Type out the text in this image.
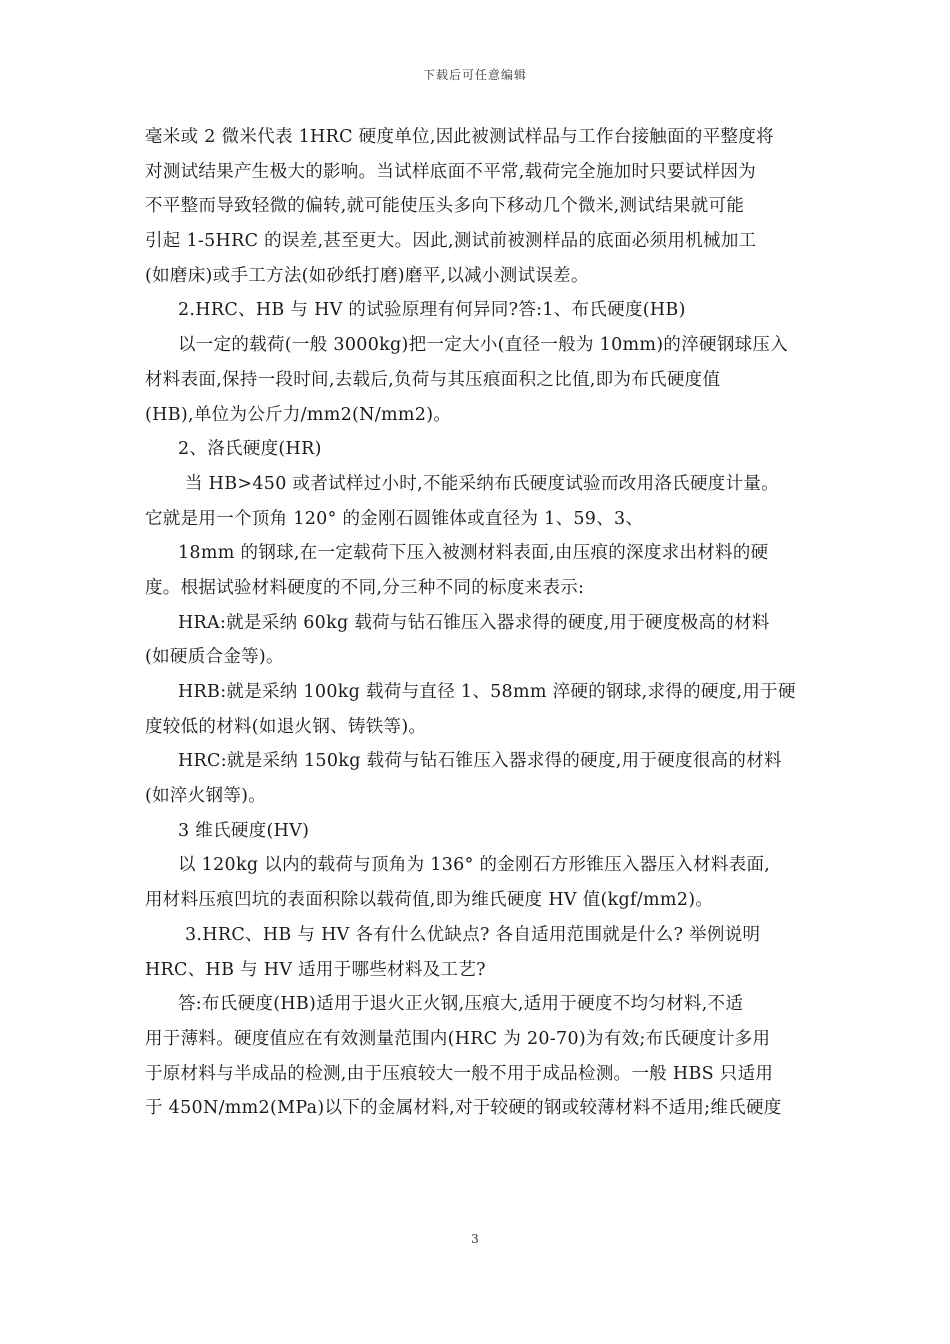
下载后可任意编辑
毫米或 2 微米代表 1HRC 硬度单位,因此被测试样品与工作台接触面的平整度将
对测试结果产生极大的影响。当试样底面不平常,载荷完全施加时只要试样因为
不平整而导致轻微的偏转,就可能使压头多向下移动几个微米,测试结果就可能
引起 1-5HRC 的误差,甚至更大。因此,测试前被测样品的底面必须用机械加工
(如磨床)或手工方法(如砂纸打磨)磨平,以减小测试误差。
2.HRC、HB 与 HV 的试验原理有何异同?答:1、布氏硬度(HB)
以一定的载荷(一般 3000kg)把一定大小(直径一般为 10mm)的淬硬钢球压入
材料表面,保持一段时间,去载后,负荷与其压痕面积之比值,即为布氏硬度值
(HB),单位为公斤力/mm2(N/mm2)。
2、洛氏硬度(HR)
当 HB>450 或者试样过小时,不能采纳布氏硬度试验而改用洛氏硬度计量。
它就是用一个顶角 120° 的金刚石圆锥体或直径为 1、59、3、
18mm 的钢球,在一定载荷下压入被测材料表面,由压痕的深度求出材料的硬
度。根据试验材料硬度的不同,分三种不同的标度来表示:
HRA:就是采纳 60kg 载荷与钻石锥压入器求得的硬度,用于硬度极高的材料
(如硬质合金等)。
HRB:就是采纳 100kg 载荷与直径 1、58mm 淬硬的钢球,求得的硬度,用于硬
度较低的材料(如退火钢、铸铁等)。
HRC:就是采纳 150kg 载荷与钻石锥压入器求得的硬度,用于硬度很高的材料
(如淬火钢等)。
3 维氏硬度(HV)
以 120kg 以内的载荷与顶角为 136° 的金刚石方形锥压入器压入材料表面,
用材料压痕凹坑的表面积除以载荷值,即为维氏硬度 HV 值(kgf/mm2)。
3.HRC、HB 与 HV 各有什么优缺点? 各自适用范围就是什么? 举例说明
HRC、HB 与 HV 适用于哪些材料及工艺?
答:布氏硬度(HB)适用于退火正火钢,压痕大,适用于硬度不均匀材料,不适
用于薄料。硬度值应在有效测量范围内(HRC 为 20-70)为有效;布氏硬度计多用
于原材料与半成品的检测,由于压痕较大一般不用于成品检测。一般 HBS 只适用
于 450N/mm2(MPa)以下的金属材料,对于较硬的钢或较薄材料不适用;维氏硬度
3
